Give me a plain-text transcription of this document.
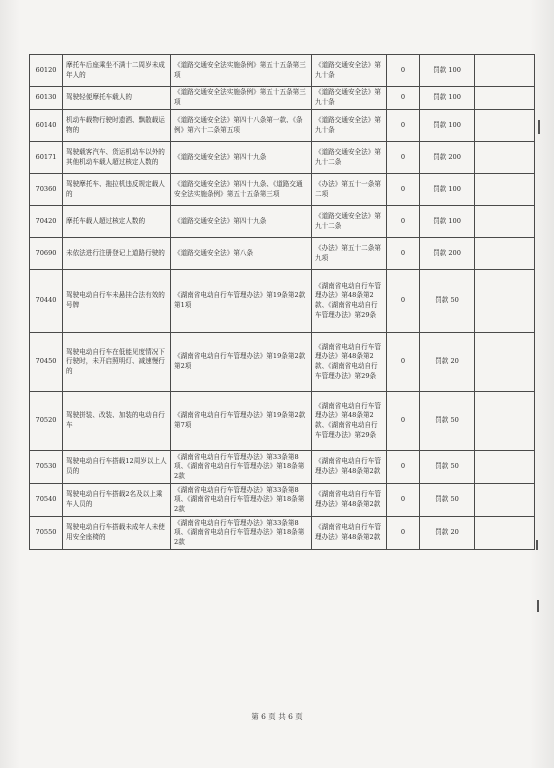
60120	摩托车后座乘坐不满十二周岁未成年人的	《道路交通安全法实施条例》第五十五条第三项	《道路交通安全法》第九十条	0	罚款 100	
60130	驾驶轻便摩托车载人的	《道路交通安全法实施条例》第五十五条第三项	《道路交通安全法》第九十条	0	罚款 100	
60140	机动车载物行驶时遗洒、飘散载运物的	《道路交通安全法》第四十八条第一款、《条例》第六十二条第五项	《道路交通安全法》第九十条	0	罚款 100	
60171	驾驶载客汽车、货运机动车以外的其他机动车载人超过核定人数的	《道路交通安全法》第四十九条	《道路交通安全法》第九十二条	0	罚款 200	
70360	驾驶摩托车、拖拉机违反规定载人的	《道路交通安全法》第四十九条、《道路交通安全法实施条例》第五十五条第三项	《办法》第五十一条第二项	0	罚款 100	
70420	摩托车载人超过核定人数的	《道路交通安全法》第四十九条	《道路交通安全法》第九十二条	0	罚款 100	
70690	未依法进行注册登记上道路行驶的	《道路交通安全法》第八条	《办法》第五十二条第九项	0	罚款 200	
70440	驾驶电动自行车未悬挂合法有效的号牌	《湖南省电动自行车管理办法》第19条第2款第1项	《湖南省电动自行车管理办法》第48条第2款、《湖南省电动自行车管理办法》第29条	0	罚款 50	
70450	驾驶电动自行车在低能见度情况下行驶时，未开启照明灯、减速慢行的	《湖南省电动自行车管理办法》第19条第2款第2项	《湖南省电动自行车管理办法》第48条第2款、《湖南省电动自行车管理办法》第29条	0	罚款 20	
70520	驾驶拼装、改装、加装的电动自行车	《湖南省电动自行车管理办法》第19条第2款第7项	《湖南省电动自行车管理办法》第48条第2款、《湖南省电动自行车管理办法》第29条	0	罚款 50	
70530	驾驶电动自行车搭载12周岁以上人员的	《湖南省电动自行车管理办法》第33条第8项、《湖南省电动自行车管理办法》第18条第2款	《湖南省电动自行车管理办法》第48条第2款	0	罚款 50	
70540	驾驶电动自行车搭载2名及以上乘车人员的	《湖南省电动自行车管理办法》第33条第8项、《湖南省电动自行车管理办法》第18条第2款	《湖南省电动自行车管理办法》第48条第2款	0	罚款 50	
70550	驾驶电动自行车搭载未成年人未使用安全座椅的	《湖南省电动自行车管理办法》第33条第8项、《湖南省电动自行车管理办法》第18条第2款	《湖南省电动自行车管理办法》第48条第2款	0	罚款 20	
第 6 页 共 6 页
